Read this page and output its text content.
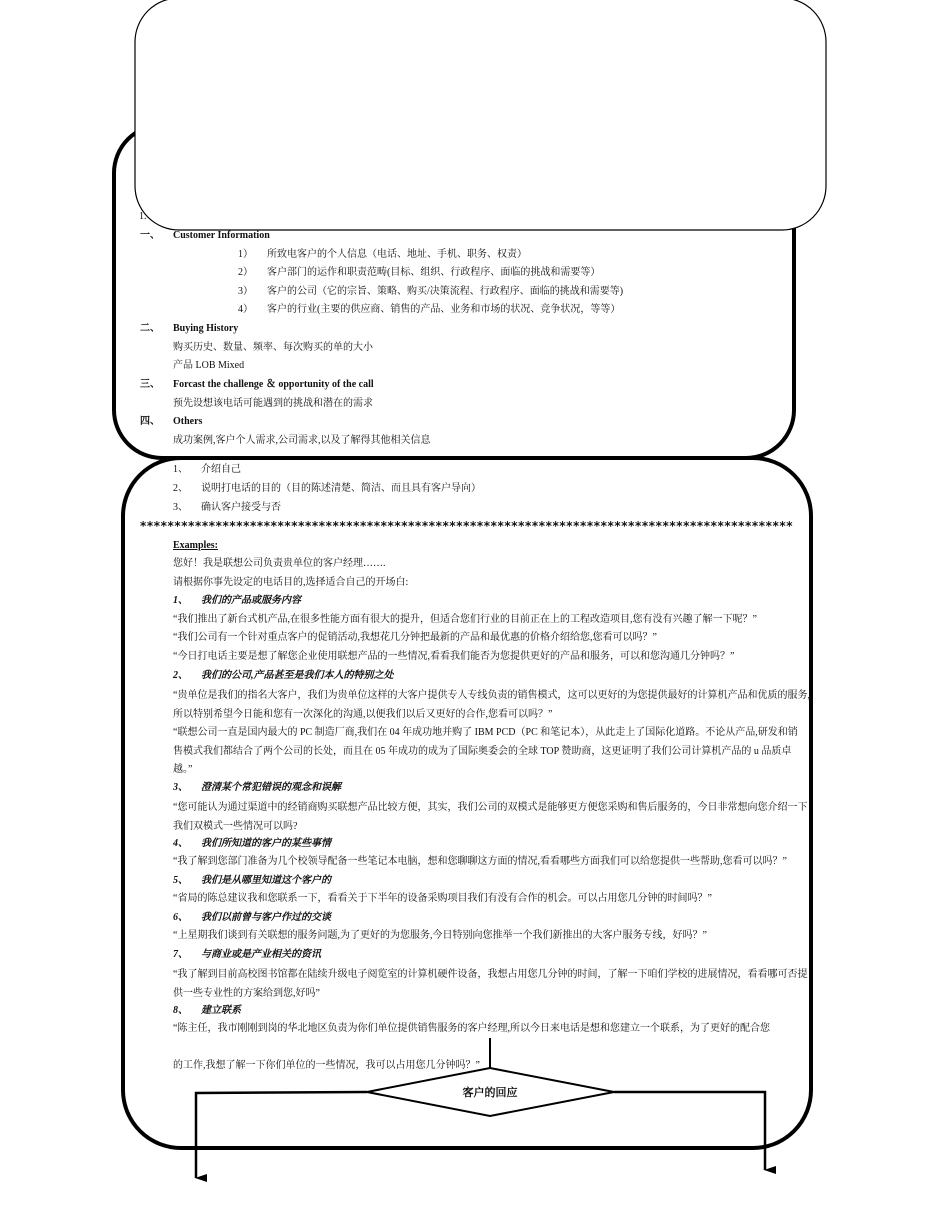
1.
一、 Customer Information
1） 所致电客户的个人信息（电话、地址、手机、职务、权责）
2） 客户部门的运作和职责范畴(目标、组织、行政程序、面临的挑战和需要等）
3） 客户的公司（它的宗旨、策略、购买/决策流程、行政程序、面临的挑战和需要等)
4） 客户的行业(主要的供应商、销售的产品、业务和市场的状况、竞争状况，等等）
二、 Buying History
购买历史、数量、频率、每次购买的单的大小
产品 LOB Mixed
三、 Forcast the challenge ＆ opportunity of the call
预先设想该电话可能遇到的挑战和潜在的需求
四、 Others
成功案例,客户个人需求,公司需求,以及了解得其他相关信息
1、 介绍自己
2、 说明打电话的目的（目的陈述清楚、简洁、而且具有客户导向）
3、 确认客户接受与否
***********************************************************************************************
Examples:
您好！我是联想公司负责贵单位的客户经理…….
请根据你事先设定的电话目的,选择适合自己的开场白:
1、 我们的产品或服务内容
“我们推出了新台式机产品,在很多性能方面有很大的提升，但适合您们行业的目前正在上的工程改造项目,您有没有兴趣了解一下呢？”
“我们公司有一个针对重点客户的促销活动,我想花几分钟把最新的产品和最优惠的价格介绍给您,您看可以吗？”
“今日打电话主要是想了解您企业使用联想产品的一些情况,看看我们能否为您提供更好的产品和服务，可以和您沟通几分钟吗？”
2、 我们的公司,产品甚至是我们本人的特别之处
“贵单位是我们的指名大客户，我们为贵单位这样的大客户提供专人专线负责的销售模式，这可以更好的为您提供最好的计算机产品和优质的服务,所以特别希望今日能和您有一次深化的沟通,以便我们以后又更好的合作,您看可以吗？”
“联想公司一直是国内最大的 PC 制造厂商,我们在 04 年成功地并购了 IBM PCD（PC 和笔记本），从此走上了国际化道路。不论从产品,研发和销售模式我们都结合了两个公司的长处，而且在 05 年成功的成为了国际奥委会的全球 TOP 赞助商，这更证明了我们公司计算机产品的 u 品质卓越。”
3、 澄清某个常犯错误的观念和误解
“您可能认为通过渠道中的经销商购买联想产品比较方便，其实，我们公司的双模式是能够更方便您采购和售后服务的，今日非常想向您介绍一下我们双模式一些情况可以吗?
4、 我们所知道的客户的某些事情
“我了解到您部门准备为几个校领导配备一些笔记本电脑，想和您聊聊这方面的情况,看看哪些方面我们可以给您提供一些帮助,您看可以吗？”
5、 我们是从哪里知道这个客户的
“省局的陈总建议我和您联系一下，看看关于下半年的设备采购项目我们有没有合作的机会。可以占用您几分钟的时间吗？”
6、 我们以前曾与客户作过的交谈
“上星期我们谈到有关联想的服务问题,为了更好的为您服务,今日特别向您推举一个我们新推出的大客户服务专线，好吗？”
7、 与商业或是产业相关的资讯
“我了解到目前高校图书馆都在陆续升级电子阅览室的计算机硬件设备，我想占用您几分钟的时间，了解一下咱们学校的进展情况，看看哪可否提供一些专业性的方案给到您,好吗”
8、 建立联系
“陈主任，我市刚刚到岗的华北地区负责为你们单位提供销售服务的客户经理,所以今日来电话是想和您建立一个联系，为了更好的配合您
的工作,我想了解一下你们单位的一些情况，我可以占用您几分钟吗？”
客户的回应
